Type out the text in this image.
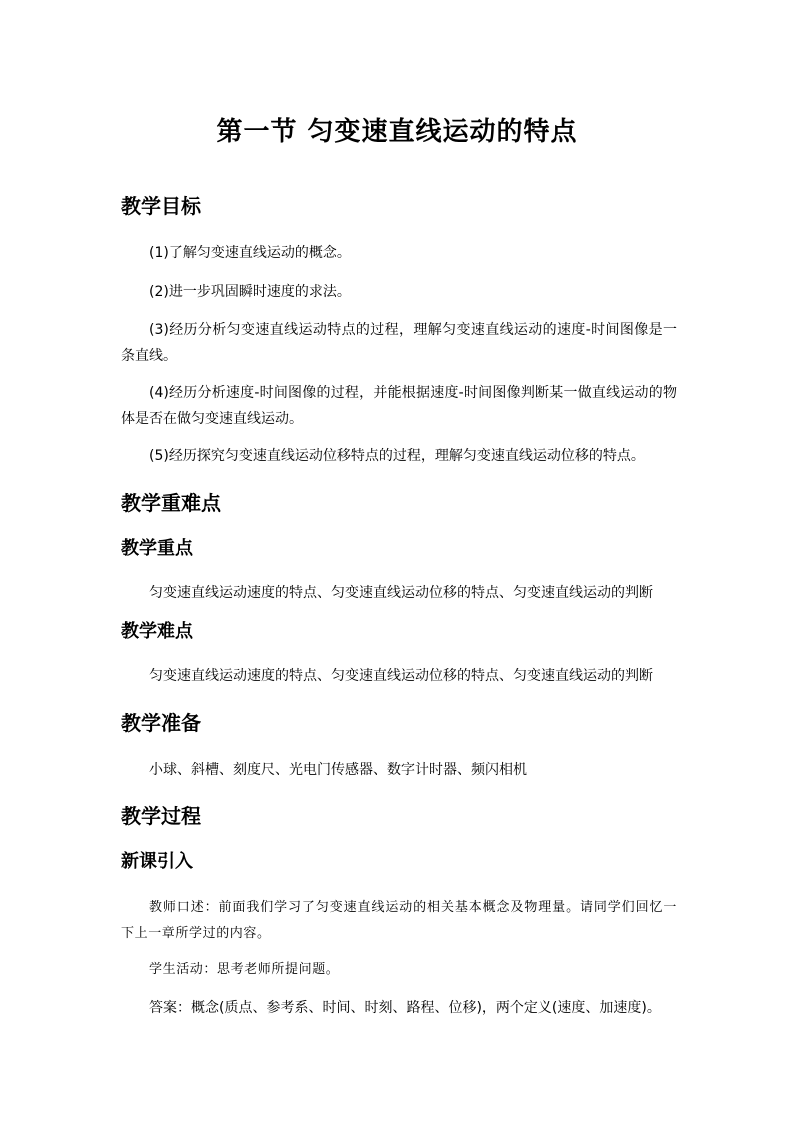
第一节 匀变速直线运动的特点
教学目标
(1)了解匀变速直线运动的概念。
(2)进一步巩固瞬时速度的求法。
(3)经历分析匀变速直线运动特点的过程，理解匀变速直线运动的速度-时间图像是一条直线。
(4)经历分析速度-时间图像的过程，并能根据速度-时间图像判断某一做直线运动的物体是否在做匀变速直线运动。
(5)经历探究匀变速直线运动位移特点的过程，理解匀变速直线运动位移的特点。
教学重难点
教学重点
匀变速直线运动速度的特点、匀变速直线运动位移的特点、匀变速直线运动的判断
教学难点
匀变速直线运动速度的特点、匀变速直线运动位移的特点、匀变速直线运动的判断
教学准备
小球、斜槽、刻度尺、光电门传感器、数字计时器、频闪相机
教学过程
新课引入
教师口述：前面我们学习了匀变速直线运动的相关基本概念及物理量。请同学们回忆一下上一章所学过的内容。
学生活动：思考老师所提问题。
答案：概念(质点、参考系、时间、时刻、路程、位移)，两个定义(速度、加速度)。
